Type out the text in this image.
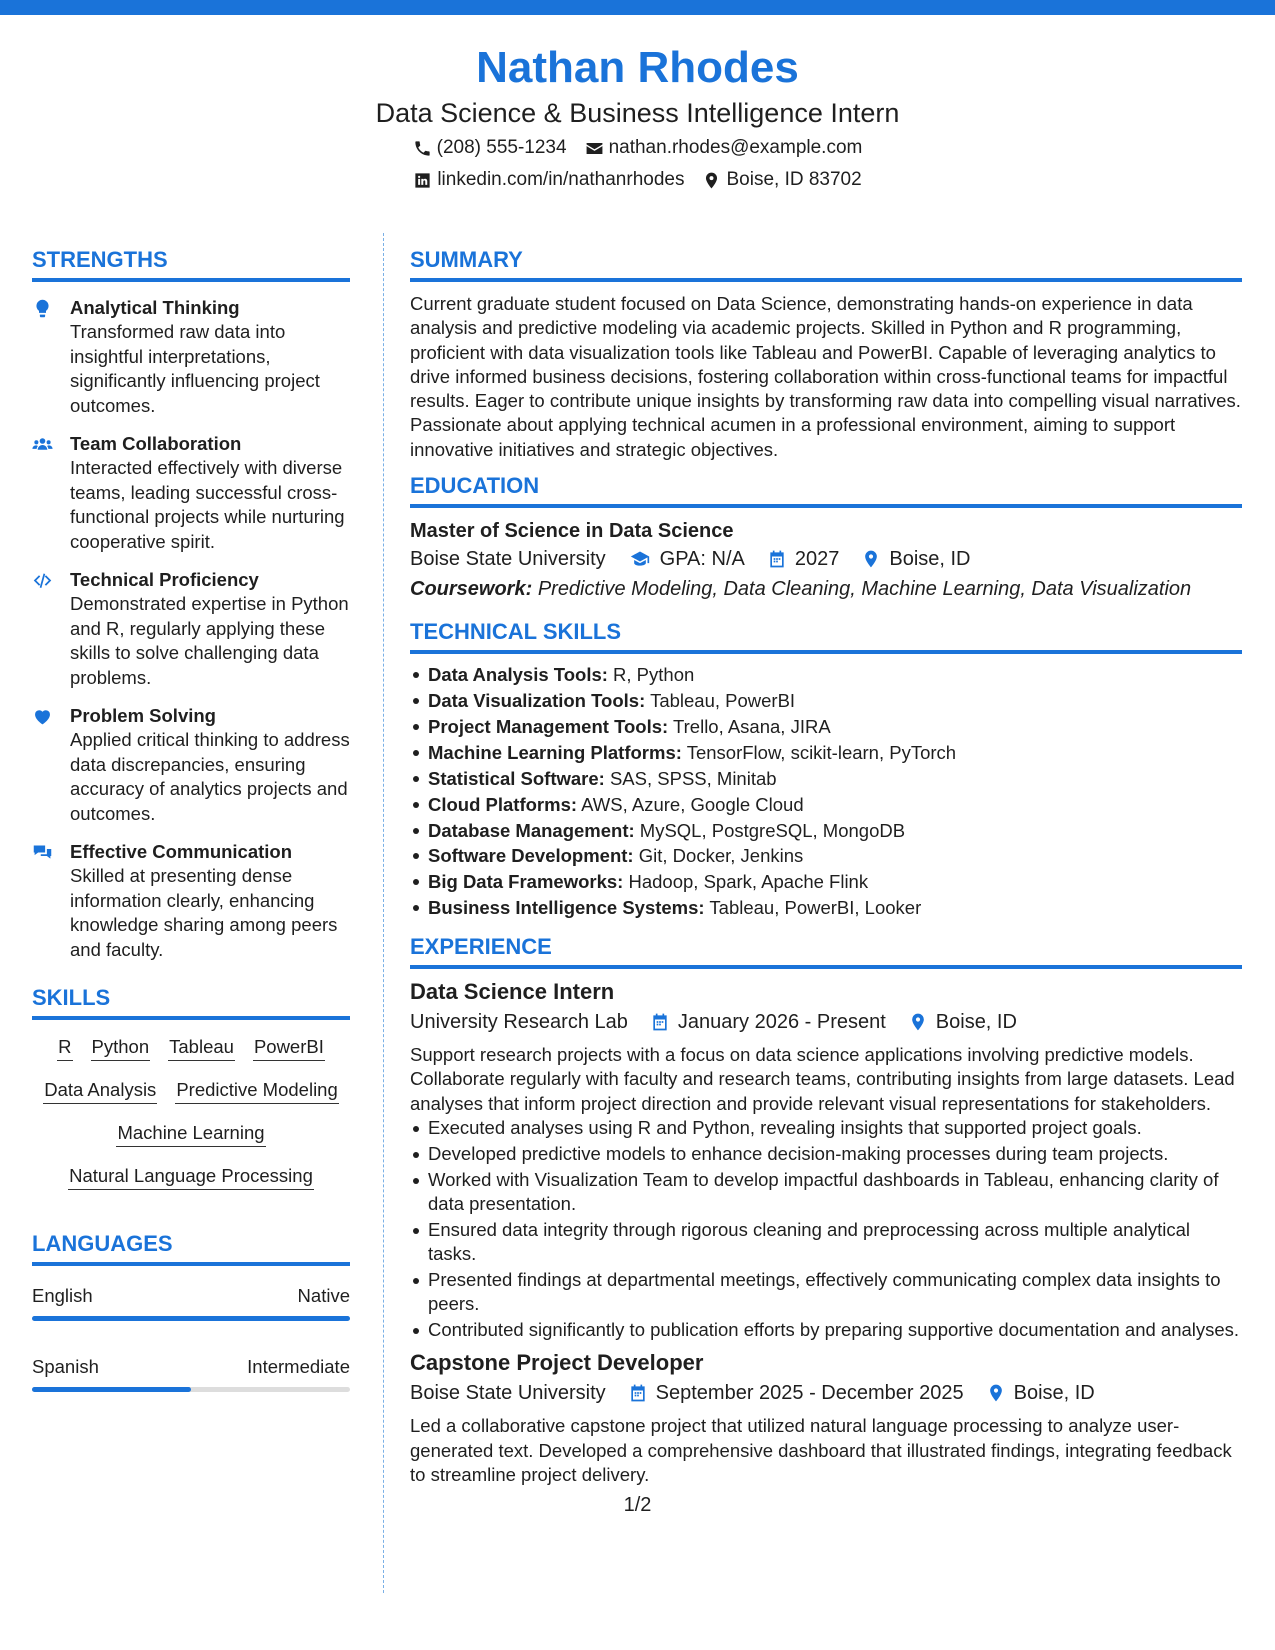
Nathan Rhodes
Data Science & Business Intelligence Intern
(208) 555-1234 nathan.rhodes@example.com
linkedin.com/in/nathanrhodes Boise, ID 83702
STRENGTHS
Analytical Thinking
Transformed raw data into insightful interpretations, significantly influencing project outcomes.
Team Collaboration
Interacted effectively with diverse teams, leading successful cross-functional projects while nurturing cooperative spirit.
Technical Proficiency
Demonstrated expertise in Python and R, regularly applying these skills to solve challenging data problems.
Problem Solving
Applied critical thinking to address data discrepancies, ensuring accuracy of analytics projects and outcomes.
Effective Communication
Skilled at presenting dense information clearly, enhancing knowledge sharing among peers and faculty.
SKILLS
R Python Tableau PowerBI
Data Analysis Predictive Modeling
Machine Learning
Natural Language Processing
LANGUAGES
English	Native
Spanish	Intermediate
SUMMARY
Current graduate student focused on Data Science, demonstrating hands-on experience in data analysis and predictive modeling via academic projects. Skilled in Python and R programming, proficient with data visualization tools like Tableau and PowerBI. Capable of leveraging analytics to drive informed business decisions, fostering collaboration within cross-functional teams for impactful results. Eager to contribute unique insights by transforming raw data into compelling visual narratives. Passionate about applying technical acumen in a professional environment, aiming to support innovative initiatives and strategic objectives.
EDUCATION
Master of Science in Data Science
Boise State University	GPA: N/A	2027	Boise, ID
Coursework: Predictive Modeling, Data Cleaning, Machine Learning, Data Visualization
TECHNICAL SKILLS
Data Analysis Tools: R, Python
Data Visualization Tools: Tableau, PowerBI
Project Management Tools: Trello, Asana, JIRA
Machine Learning Platforms: TensorFlow, scikit-learn, PyTorch
Statistical Software: SAS, SPSS, Minitab
Cloud Platforms: AWS, Azure, Google Cloud
Database Management: MySQL, PostgreSQL, MongoDB
Software Development: Git, Docker, Jenkins
Big Data Frameworks: Hadoop, Spark, Apache Flink
Business Intelligence Systems: Tableau, PowerBI, Looker
EXPERIENCE
Data Science Intern
University Research Lab	January 2026 - Present	Boise, ID
Support research projects with a focus on data science applications involving predictive models. Collaborate regularly with faculty and research teams, contributing insights from large datasets. Lead analyses that inform project direction and provide relevant visual representations for stakeholders.
Executed analyses using R and Python, revealing insights that supported project goals.
Developed predictive models to enhance decision-making processes during team projects.
Worked with Visualization Team to develop impactful dashboards in Tableau, enhancing clarity of data presentation.
Ensured data integrity through rigorous cleaning and preprocessing across multiple analytical tasks.
Presented findings at departmental meetings, effectively communicating complex data insights to peers.
Contributed significantly to publication efforts by preparing supportive documentation and analyses.
Capstone Project Developer
Boise State University	September 2025 - December 2025	Boise, ID
Led a collaborative capstone project that utilized natural language processing to analyze user-generated text. Developed a comprehensive dashboard that illustrated findings, integrating feedback to streamline project delivery.
1/2
